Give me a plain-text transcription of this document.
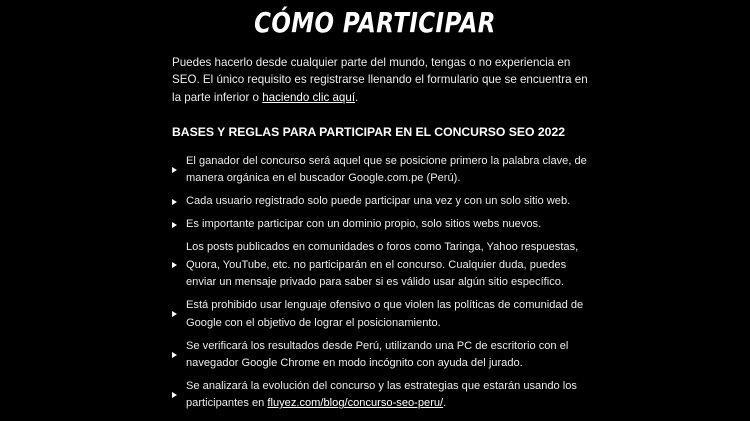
CÓMO PARTICIPAR

Puedes hacerlo desde cualquier parte del mundo, tengas o no experiencia en SEO. El único requisito es registrarse llenando el formulario que se encuentra en la parte inferior o haciendo clic aquí.

BASES Y REGLAS PARA PARTICIPAR EN EL CONCURSO SEO 2022
El ganador del concurso será aquel que se posicione primero la palabra clave, de manera orgánica en el buscador Google.com.pe (Perú).
Cada usuario registrado solo puede participar una vez y con un solo sitio web.
Es importante participar con un dominio propio, solo sitios webs nuevos.
Los posts publicados en comunidades o foros como Taringa, Yahoo respuestas, Quora, YouTube, etc. no participarán en el concurso. Cualquier duda, puedes enviar un mensaje privado para saber si es válido usar algún sitio específico.
Está prohibido usar lenguaje ofensivo o que violen las políticas de comunidad de Google con el objetivo de lograr el posicionamiento.
Se verificará los resultados desde Perú, utilizando una PC de escritorio con el navegador Google Chrome en modo incógnito con ayuda del jurado.
Se analizará la evolución del concurso y las estrategias que estarán usando los participantes en fluyez.com/blog/concurso-seo-peru/.
